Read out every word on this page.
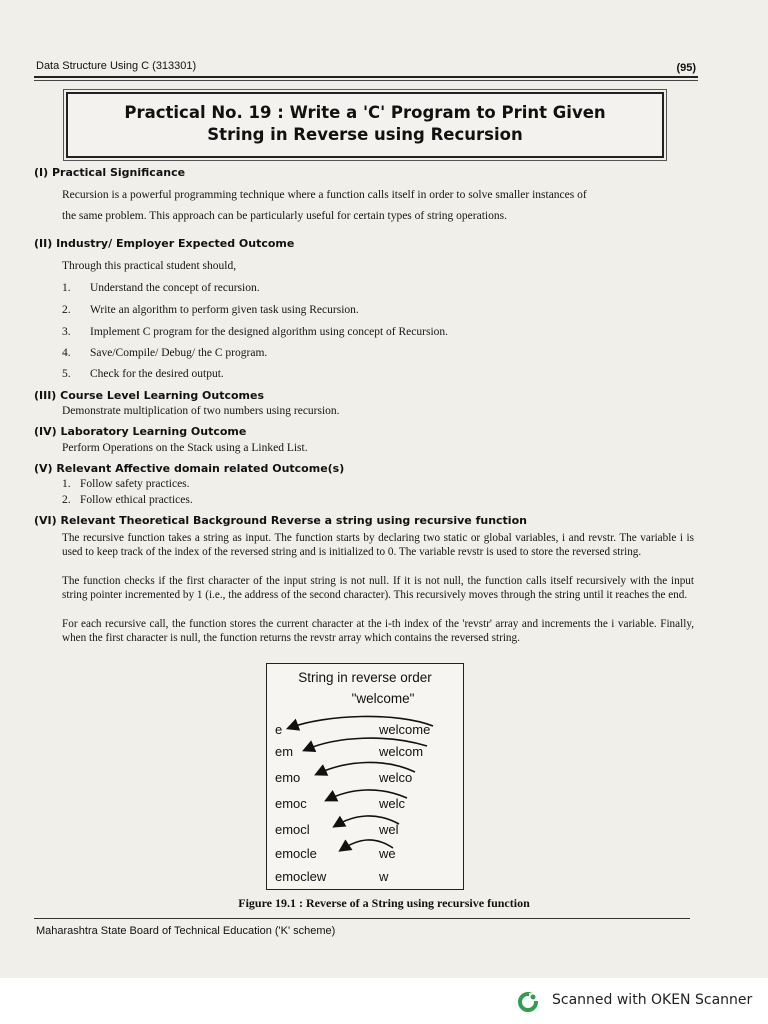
Data Structure Using C (313301)	(95)
Practical No. 19 : Write a 'C' Program to Print Given
String in Reverse using Recursion
(I) Practical Significance
Recursion is a powerful programming technique where a function calls itself in order to solve smaller instances of
the same problem. This approach can be particularly useful for certain types of string operations.
(II) Industry/ Employer Expected Outcome
Through this practical student should,
1. Understand the concept of recursion.
2. Write an algorithm to perform given task using Recursion.
3. Implement C program for the designed algorithm using concept of Recursion.
4. Save/Compile/ Debug/ the C program.
5. Check for the desired output.
(III) Course Level Learning Outcomes
Demonstrate multiplication of two numbers using recursion.
(IV) Laboratory Learning Outcome
Perform Operations on the Stack using a Linked List.
(V) Relevant Affective domain related Outcome(s)
1. Follow safety practices.
2. Follow ethical practices.
(VI) Relevant Theoretical Background Reverse a string using recursive function
The recursive function takes a string as input. The function starts by declaring two static or global variables, i and revstr. The variable i is used to keep track of the index of the reversed string and is initialized to 0. The variable revstr is used to store the reversed string.
The function checks if the first character of the input string is not null. If it is not null, the function calls itself recursively with the input string pointer incremented by 1 (i.e., the address of the second character). This recursively moves through the string until it reaches the end.
For each recursive call, the function stores the current character at the i-th index of the 'revstr' array and increments the i variable. Finally, when the first character is null, the function returns the revstr array which contains the reversed string.
String in reverse order
"welcome"
e
em
emo
emoc
emocl
emocle
emoclew
welcome
welcom
welco
welc
wel
we
w
Figure 19.1 : Reverse of a String using recursive function
Maharashtra State Board of Technical Education ('K' scheme)
Scanned with OKEN Scanner
